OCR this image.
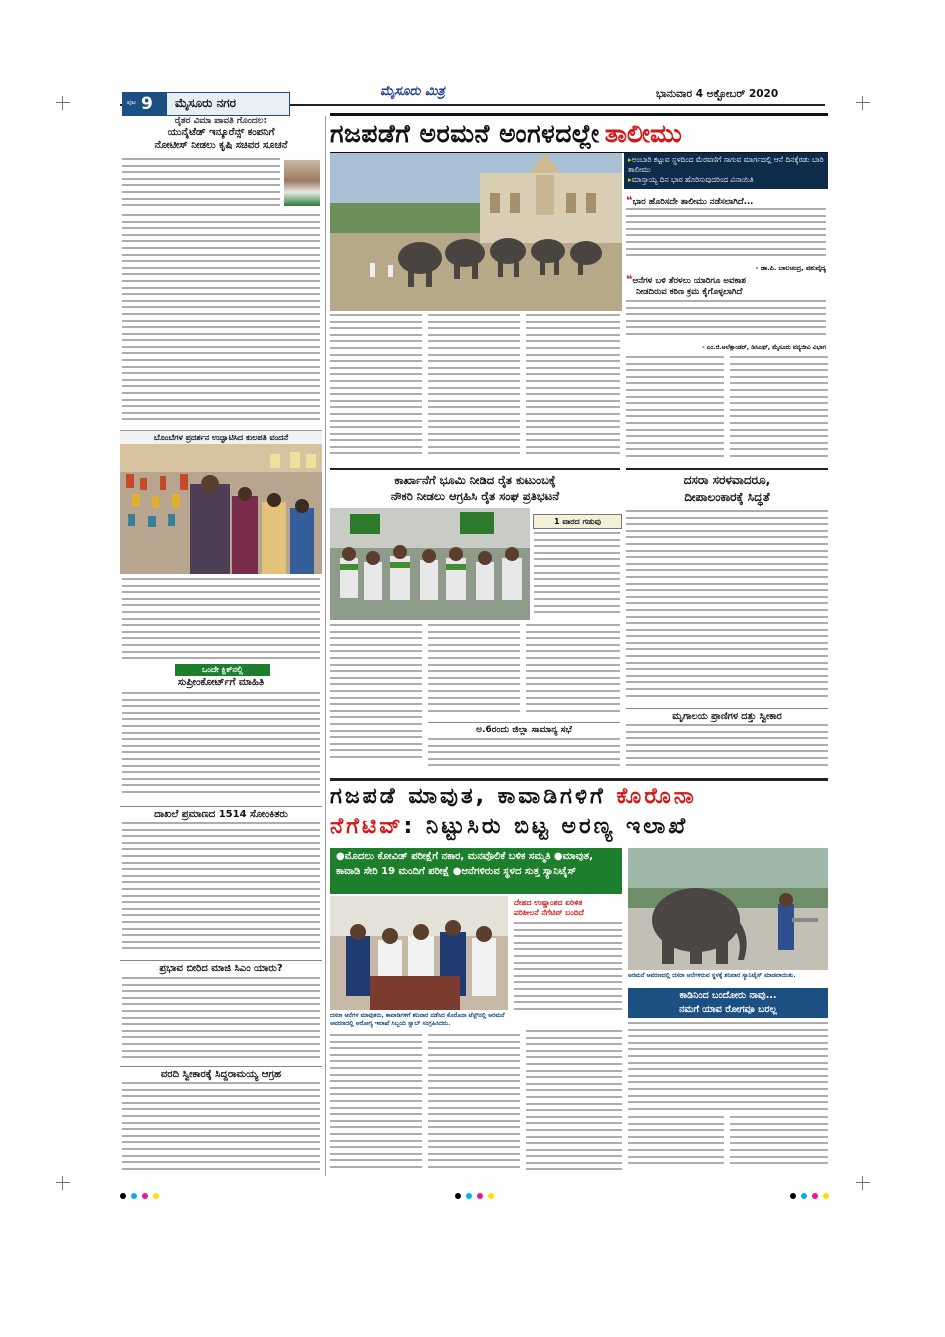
ಮೈಸೂರು ಮಿತ್ರ	ಭಾನುವಾರ 4 ಅಕ್ಟೋಬರ್ 2020
ಪುಟ 9 ಮೈಸೂರು ನಗರ
ರೈತರ ವಿಮಾ ಪಾವತಿ ಗೊಂದಲ:
ಯುನೈಟೆಡ್ ಇನ್ಶೂರೆನ್ಸ್ ಕಂಪನಿಗೆ
ನೋಟೀಸ್ ನೀಡಲು ಕೃಷಿ ಸಚಿವರ ಸೂಚನೆ
ಬೊಂಬೆಗಳ ಪ್ರದರ್ಶನ ಉದ್ಘಾಟಿಸಿದ ಕುಲಪತಿ ವಂದನೆ
ಒಂದೇ ಕ್ಲಿಕ್‌ನಲ್ಲಿ
ಸುಪ್ರೀಂಕೋರ್ಟ್‌ಗೆ ಮಾಹಿತಿ
ದಾಖಲೆ ಪ್ರಮಾಣದ 1514 ಸೋಂಕಿತರು
ಪ್ರಭಾವ ಬೀರಿದ ಮಾಜಿ ಸಿಎಂ ಯಾರು?
ವರದಿ ಸ್ವೀಕಾರಕ್ಕೆ ಸಿದ್ದರಾಮಯ್ಯ ಆಗ್ರಹ
ಗಜಪಡೆಗೆ ಅರಮನೆ ಅಂಗಳದಲ್ಲೇ ತಾಲೀಮು
▸ಅಂಬಾರಿ ಕಟ್ಟುವ ಸ್ಥಳದಿಂದ ಮೆರವಣಿಗೆ ಸಾಗುವ ಮಾರ್ಗದಲ್ಲಿ ಆನೆ ದಿನಕ್ಕೆರಡು ಬಾರಿ ತಾಲೀಮು
▸ಮಾಸ್ತಾಯ್ಯ ದಿನ ಭಾರ ಹೊರಿಸುವುದರಿಂದ ವಿನಾಯಿತಿ
❝ಭಾರ ಹೊರಿಸದೇ ತಾಲೀಮು ನಡೆಸಲಾಗಿದೆ...
- ಡಾ.ಪಿ. ಬಾಲಚಂದ್ರ, ಪಶುವೈದ್ಯ
❝ಆನೆಗಳ ಬಳಿ ತೆರಳಲು ಯಾರಿಗೂ ಅವಕಾಶ
ನೀಡದಿರುವ ಕಠಿಣ ಕ್ರಮ ಕೈಗೊಳ್ಳಲಾಗಿದೆ
- ಎಂ.ಜಿ.ಅಲೆಕ್ಸಾಂಡರ್, ಡಿಸಿಎಫ್, ಮೈಸೂರು ವನ್ಯಜೀವಿ ವಿಭಾಗ
ಕಾರ್ಖಾನೆಗೆ ಭೂಮಿ ನೀಡಿದ ರೈತ ಕುಟುಂಬಕ್ಕೆ
ನೌಕರಿ ನೀಡಲು ಆಗ್ರಹಿಸಿ ರೈತ ಸಂಘ ಪ್ರತಿಭಟನೆ
1 ವಾರದ ಗಡುವು
ಅ.6ರಂದು ಜಿಲ್ಲಾ ಸಾಮಾನ್ಯ ಸಭೆ
ದಸರಾ ಸರಳವಾದರೂ,
ದೀಪಾಲಂಕಾರಕ್ಕೆ ಸಿದ್ಧತೆ
ಮೃಗಾಲಯ ಪ್ರಾಣಿಗಳ ದತ್ತು ಸ್ವೀಕಾರ
ಗಜಪಡೆ ಮಾವುತ, ಕಾವಾಡಿಗಳಿಗೆ ಕೊರೊನಾ
ನೆಗೆಟಿವ್: ನಿಟ್ಟುಸಿರು ಬಿಟ್ಟ ಅರಣ್ಯ ಇಲಾಖೆ
●ಮೊದಲು ಕೋವಿಡ್ ಪರೀಕ್ಷೆಗೆ ನಕಾರ, ಮನವೊಲಿಕೆ ಬಳಿಕ ಸಮ್ಮತಿ ●ಮಾವುತ, ಕಾವಾಡಿ ಸೇರಿ 19 ಮಂದಿಗೆ ಪರೀಕ್ಷೆ ●ಆನೆಗಳಿರುವ ಸ್ಥಳದ ಸುತ್ತ ಸ್ಯಾನಿಟೈಸ್
ದೇಹದ ಉಷ್ಣಾಂಶದ ಏರಿಳಿತ
ಪರಿಶೀಲನೆ ನೆಗೆಟಿವ್ ಬಂದಿದೆ
ದಸರಾ ಆನೆಗಳ ಮಾವುತರು, ಕಾವಾಡಿಗಳಿಗೆ ಶನಿವಾರ ನಡೆಸಿದ ಕೊರೊನಾ ಟೆಸ್ಟ್‌ನಲ್ಲಿ ಅರಮನೆ ಆವರಣದಲ್ಲಿ ಆರೋಗ್ಯ ಇಲಾಖೆ ಸಿಬ್ಬಂದಿ ಸ್ವಾಬ್ ಸಂಗ್ರಹಿಸಿದರು.
ಅರಮನೆ ಆವರಣದಲ್ಲಿ ದಸರಾ ಆನೆಗಳಿರುವ ಸ್ಥಳಕ್ಕೆ ಶನಿವಾರ ಸ್ಯಾನಿಟೈಸ್ ಮಾಡಲಾಯಿತು.
ಕಾಡಿನಿಂದ ಬಂದೋರು ನಾವು...
ನಮಗೆ ಯಾವ ರೋಗವೂ ಬರಲ್ಲ
